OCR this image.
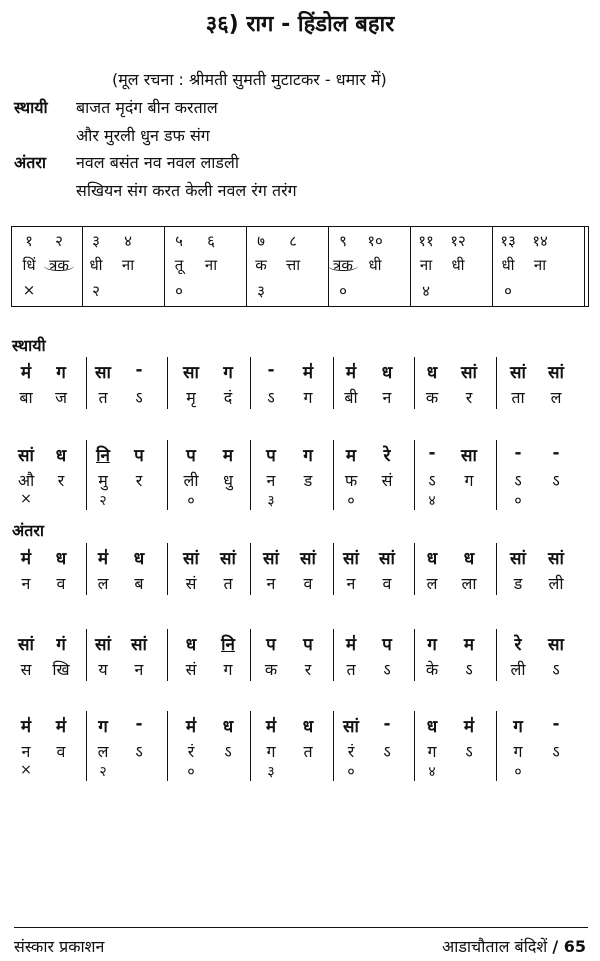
३६) राग - हिंडोल बहार
(मूल रचना : श्रीमती सुमती मुटाटकर - धमार में)
स्थायी बाजत मृदंग बीन करताल
और मुरली धुन डफ संग
अंतरा नवल बसंत नव नवल लाडली
सखियन संग करत केली नवल रंग तरंग
१	२	३	४	५	६	७	८	९	१०	११	१२	१३	१४
धिं त्रक	धी	ना	तू	ना	क	त्ता	त्रक	धी	ना	धी	धी	ना
×	२	०	३	०	४	०
स्थायी
अंतरा
म॑	ग	सा	-	सा	ग	-	म॑	म॑	ध	ध	सां	सां	सां
बा	ज	त	ऽ	मृ	दं	ऽ	ग	बी	न	क	र	ता	ल
सां	ध	नि	प	प	म	प	ग	म	रे	-	सा	-	-
औ	र	मु	र	ली	धु	न	ड	फ	सं	ऽ	ग	ऽ	ऽ
×	२	०	३	०	४	०
म॑	ध	म॑	ध	सां	सां	सां	सां	सां	सां	ध	ध	सां	सां
न	व	ल	ब	सं	त	न	व	न	व	ल	ला	ड	ली
सां	गं	सां	सां	ध	नि	प	प	म॑	प	ग	म	रे	सा
स	खि	य	न	सं	ग	क	र	त	ऽ	के	ऽ	ली	ऽ
म॑	म॑	ग	-	म॑	ध	म॑	ध	सां	-	ध	म॑	ग	-
न	व	ल	ऽ	रं	ऽ	ग	त	रं	ऽ	ग	ऽ	ग	ऽ
×	२	०	३	०	४	०
संस्कार प्रकाशन	आडाचौताल बंदिशें / 65
